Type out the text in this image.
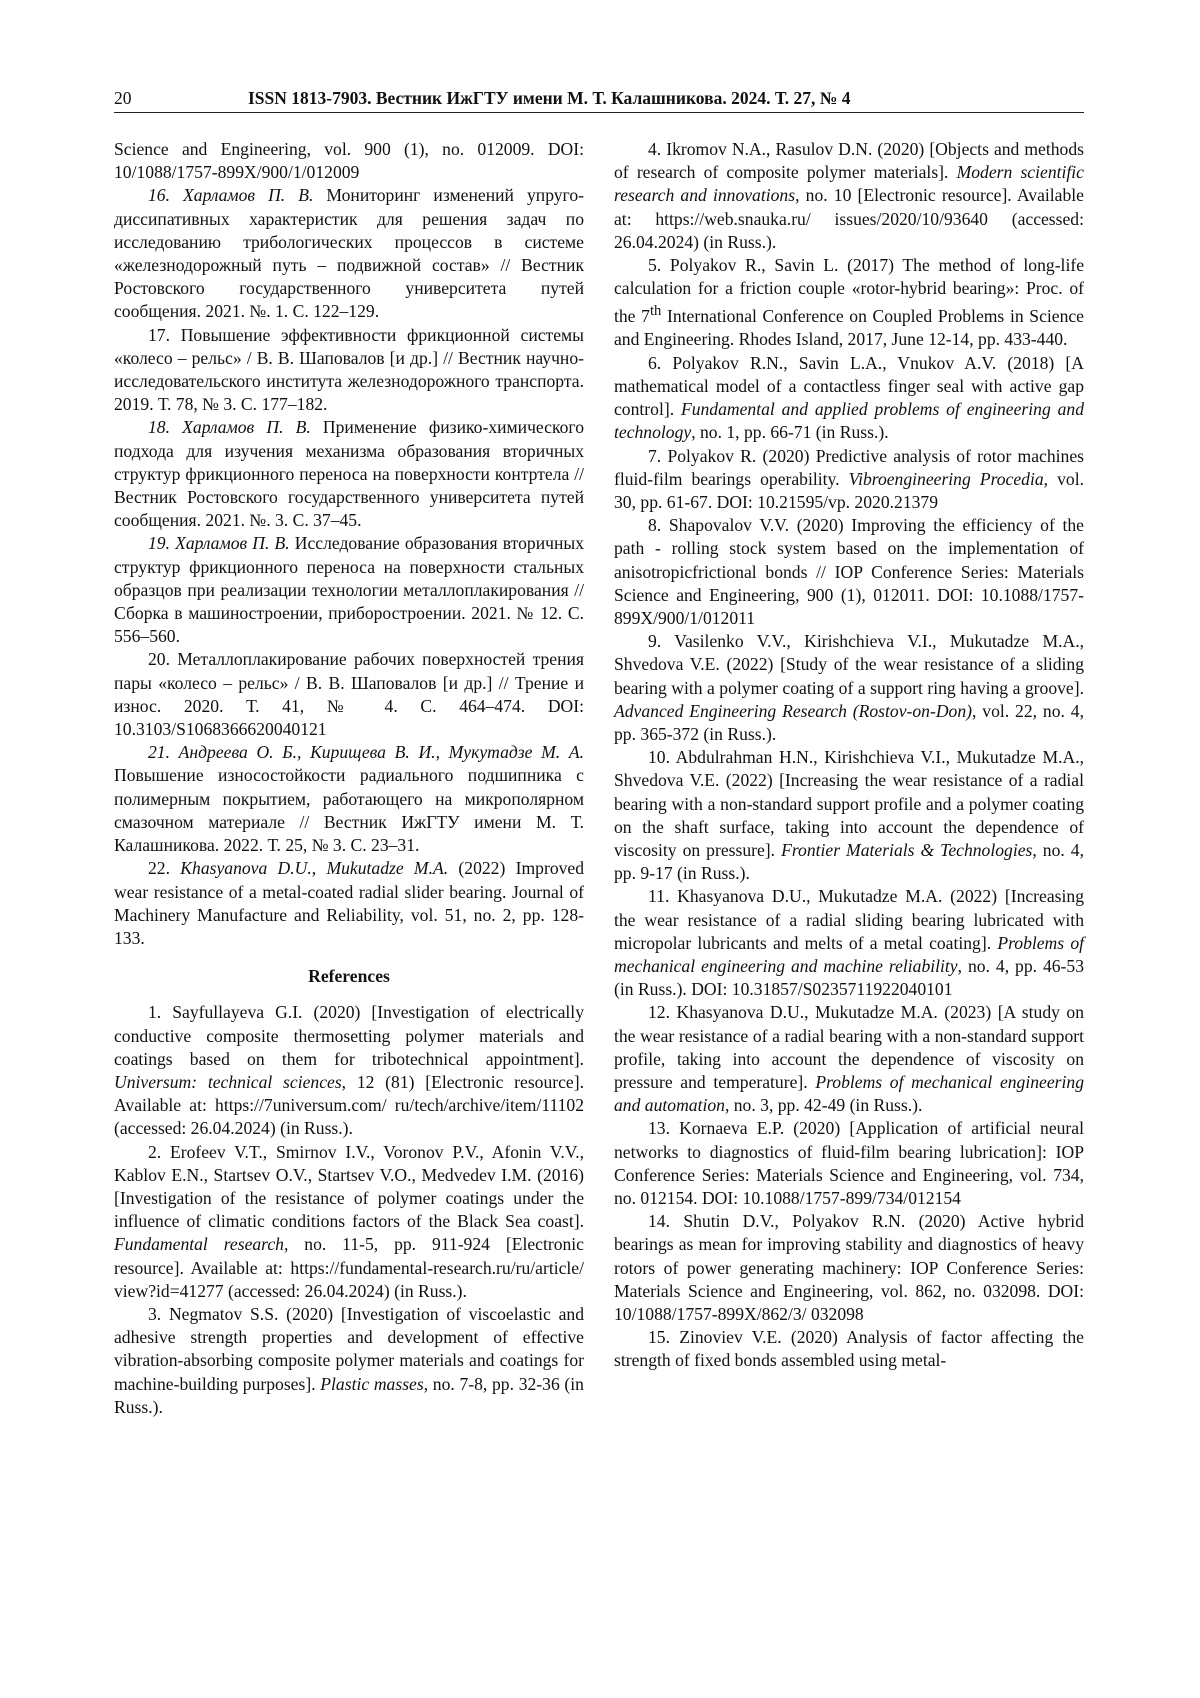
20	ISSN 1813-7903. Вестник ИжГТУ имени М. Т. Калашникова. 2024. Т. 27, № 4

Science and Engineering, vol. 900 (1), no. 012009. DOI: 10/1088/1757-899X/900/1/012009

16. Харламов П. В. Мониторинг изменений упруго-диссипативных характеристик для решения задач по исследованию трибологических процессов в системе «железнодорожный путь – подвижной состав» // Вестник Ростовского государственного университета путей сообщения. 2021. №. 1. С. 122–129.

17. Повышение эффективности фрикционной системы «колесо – рельс» / В. В. Шаповалов [и др.] // Вестник научно-исследовательского института железнодорожного транспорта. 2019. Т. 78, № 3. С. 177–182.

18. Харламов П. В. Применение физико-химического подхода для изучения механизма образования вторичных структур фрикционного переноса на поверхности контртела // Вестник Ростовского государственного университета путей сообщения. 2021. №. 3. С. 37–45.

19. Харламов П. В. Исследование образования вторичных структур фрикционного переноса на поверхности стальных образцов при реализации технологии металлоплакирования // Сборка в машиностроении, приборостроении. 2021. № 12. С. 556–560.

20. Металлоплакирование рабочих поверхностей трения пары «колесо – рельс» / В. В. Шаповалов [и др.] // Трение и износ. 2020. Т. 41, № 4. С. 464–474. DOI: 10.3103/S1068366620040121

21. Андреева О. Б., Кирищева В. И., Мукутадзе М. А. Повышение износостойкости радиального подшипника с полимерным покрытием, работающего на микрополярном смазочном материале // Вестник ИжГТУ имени М. Т. Калашникова. 2022. Т. 25, № 3. С. 23–31.

22. Khasyanova D.U., Mukutadze M.A. (2022) Improved wear resistance of a metal-coated radial slider bearing. Journal of Machinery Manufacture and Reliability, vol. 51, no. 2, pp. 128-133.

References

1. Sayfullayeva G.I. (2020) [Investigation of electrically conductive composite thermosetting polymer materials and coatings based on them for tribotechnical appointment]. Universum: technical sciences, 12 (81) [Electronic resource]. Available at: https://7universum.com/ ru/tech/archive/item/11102 (accessed: 26.04.2024) (in Russ.).

2. Erofeev V.T., Smirnov I.V., Voronov P.V., Afonin V.V., Kablov E.N., Startsev O.V., Startsev V.O., Medvedev I.M. (2016) [Investigation of the resistance of polymer coatings under the influence of climatic conditions factors of the Black Sea coast]. Fundamental research, no. 11-5, pp. 911-924 [Electronic resource]. Available at: https://fundamental-research.ru/ru/article/ view?id=41277 (accessed: 26.04.2024) (in Russ.).

3. Negmatov S.S. (2020) [Investigation of viscoelastic and adhesive strength properties and development of effective vibration-absorbing composite polymer materials and coatings for machine-building purposes]. Plastic masses, no. 7-8, pp. 32-36 (in Russ.).

4. Ikromov N.A., Rasulov D.N. (2020) [Objects and methods of research of composite polymer materials]. Modern scientific research and innovations, no. 10 [Electronic resource]. Available at: https://web.snauka.ru/ issues/2020/10/93640 (accessed: 26.04.2024) (in Russ.).

5. Polyakov R., Savin L. (2017) The method of long-life calculation for a friction couple «rotor-hybrid bearing»: Proc. of the 7th International Conference on Coupled Problems in Science and Engineering. Rhodes Island, 2017, June 12-14, pp. 433-440.

6. Polyakov R.N., Savin L.A., Vnukov A.V. (2018) [A mathematical model of a contactless finger seal with active gap control]. Fundamental and applied problems of engineering and technology, no. 1, pp. 66-71 (in Russ.).

7. Polyakov R. (2020) Predictive analysis of rotor machines fluid-film bearings operability. Vibroengineering Procedia, vol. 30, pp. 61-67. DOI: 10.21595/vp. 2020.21379

8. Shapovalov V.V. (2020) Improving the efficiency of the path - rolling stock system based on the implementation of anisotropicfrictional bonds // IOP Conference Series: Materials Science and Engineering, 900 (1), 012011. DOI: 10.1088/1757-899X/900/1/012011

9. Vasilenko V.V., Kirishchieva V.I., Mukutadze M.A., Shvedova V.E. (2022) [Study of the wear resistance of a sliding bearing with a polymer coating of a support ring having a groove]. Advanced Engineering Research (Rostov-on-Don), vol. 22, no. 4, pp. 365-372 (in Russ.).

10. Abdulrahman H.N., Kirishchieva V.I., Mukutadze M.A., Shvedova V.E. (2022) [Increasing the wear resistance of a radial bearing with a non-standard support profile and a polymer coating on the shaft surface, taking into account the dependence of viscosity on pressure]. Frontier Materials & Technologies, no. 4, pp. 9-17 (in Russ.).

11. Khasyanova D.U., Mukutadze M.A. (2022) [Increasing the wear resistance of a radial sliding bearing lubricated with micropolar lubricants and melts of a metal coating]. Problems of mechanical engineering and machine reliability, no. 4, pp. 46-53 (in Russ.). DOI: 10.31857/S0235711922040101

12. Khasyanova D.U., Mukutadze M.A. (2023) [A study on the wear resistance of a radial bearing with a non-standard support profile, taking into account the dependence of viscosity on pressure and temperature]. Problems of mechanical engineering and automation, no. 3, pp. 42-49 (in Russ.).

13. Kornaeva E.P. (2020) [Application of artificial neural networks to diagnostics of fluid-film bearing lubrication]: IOP Conference Series: Materials Science and Engineering, vol. 734, no. 012154. DOI: 10.1088/1757-899/734/012154

14. Shutin D.V., Polyakov R.N. (2020) Active hybrid bearings as mean for improving stability and diagnostics of heavy rotors of power generating machinery: IOP Conference Series: Materials Science and Engineering, vol. 862, no. 032098. DOI: 10/1088/1757-899X/862/3/ 032098

15. Zinoviev V.E. (2020) Analysis of factor affecting the strength of fixed bonds assembled using metal-
